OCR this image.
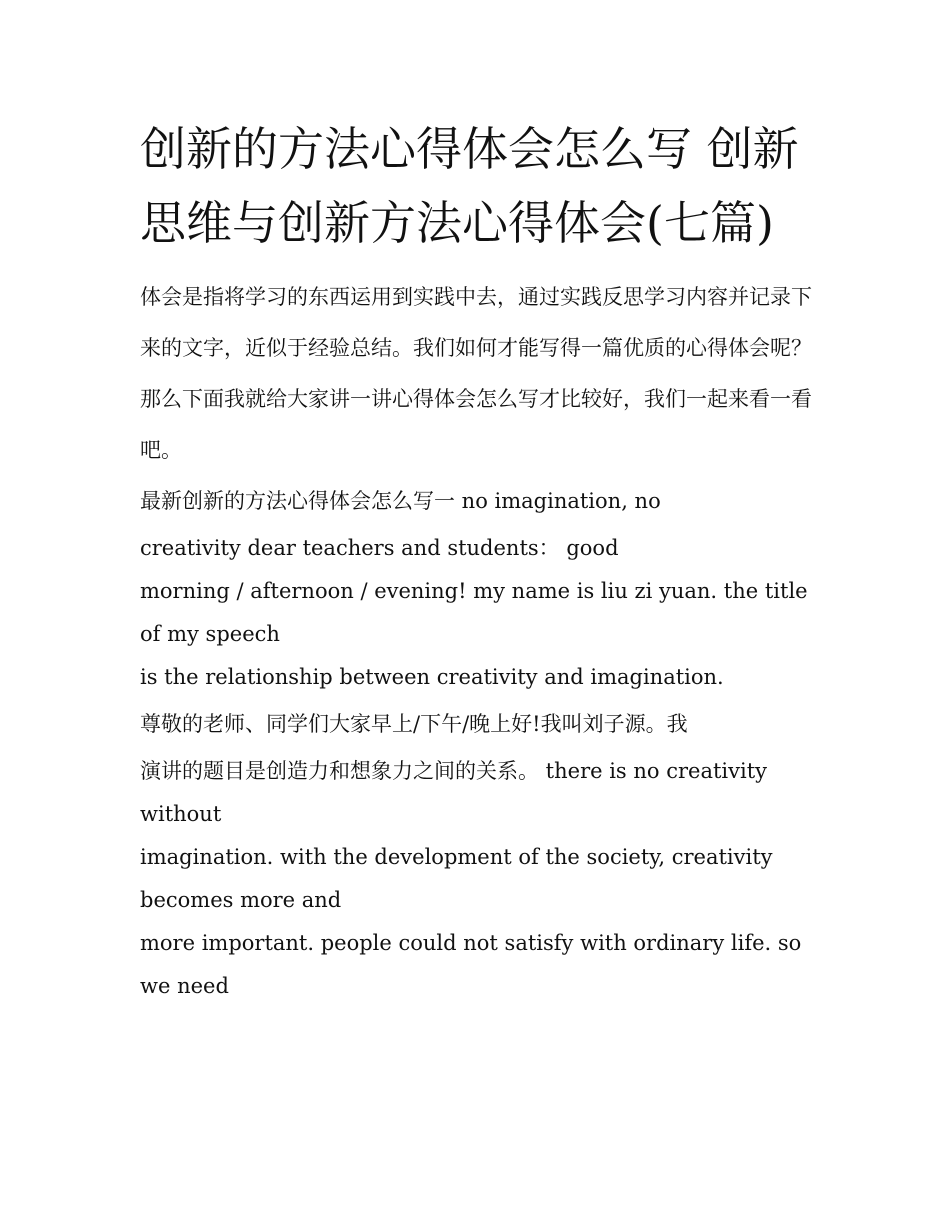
创新的方法心得体会怎么写 创新思维与创新方法心得体会(七篇)

体会是指将学习的东西运用到实践中去，通过实践反思学习内容并记录下来的文字，近似于经验总结。我们如何才能写得一篇优质的心得体会呢？那么下面我就给大家讲一讲心得体会怎么写才比较好，我们一起来看一看吧。

最新创新的方法心得体会怎么写一 no imagination, no

creativity dear teachers and students： good

morning / afternoon / evening! my name is liu zi yuan. the title of my speech

is the relationship between creativity and imagination.

尊敬的老师、同学们大家早上/下午/晚上好!我叫刘子源。我

演讲的题目是创造力和想象力之间的关系。 there is no creativity without

imagination. with the development of the society, creativity becomes more and

more important. people could not satisfy with ordinary life. so we need
